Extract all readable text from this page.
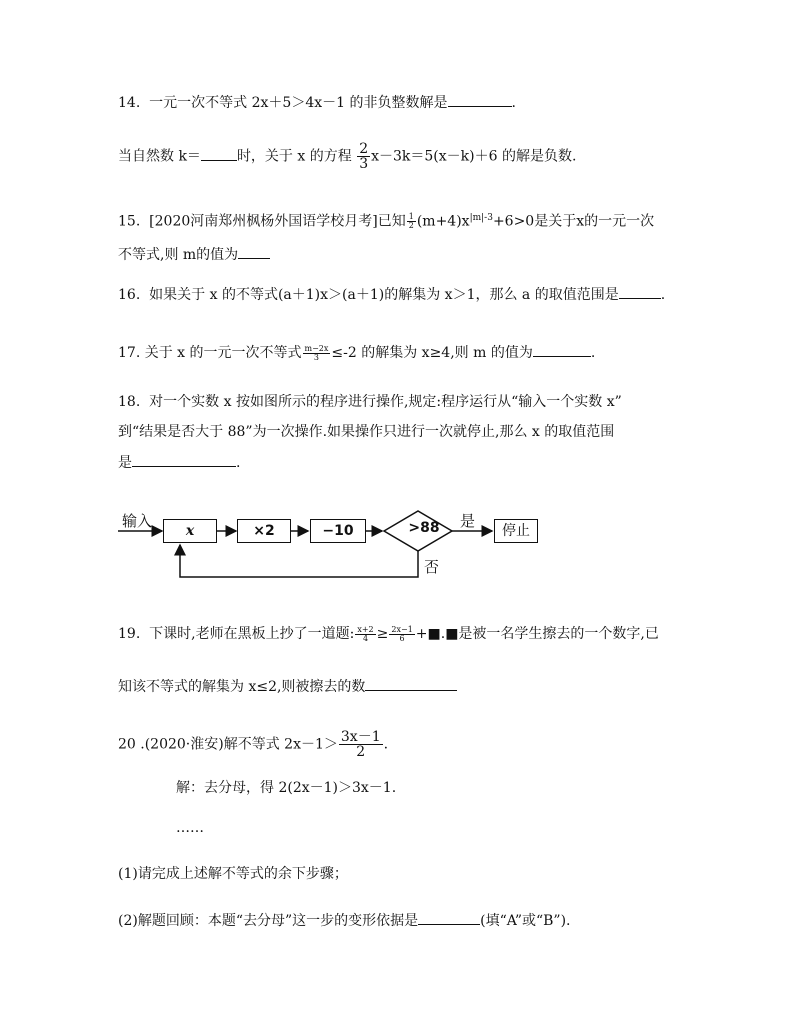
14. 一元一次不等式 2x＋5＞4x－1 的非负整数解是	.
当自然数 k＝	时，关于 x 的方程 $\frac{2}{3} x-3k=5(x-k)+6$ 的解是负数.
15. [2020河南郑州枫杨外国语学校月考]已知 $\frac{1}{2} (m+4)x^{|m|-3}+6>0$是关于x的一元一次
不等式,则 m的值为
16. 如果关于 x 的不等式(a＋1)x＞(a＋1)的解集为 x＞1，那么 a 的取值范围是	.
17. 关于 x 的一元一次不等式 $\frac{m-2x}{3} \le-2$ 的解集为 x≥4,则 m 的值为	.
18. 对一个实数 x 按如图所示的程序进行操作,规定:程序运行从“输入一个实数 x”
到“结果是否大于 88”为一次操作.如果操作只进行一次就停止,那么 x 的取值范围
是	.
输入
x	×2	−10	>88 是
停止
否
19. 下课时,老师在黑板上抄了一道题: $\frac{x+2}{4} \ge \frac{2x-1}{6}$ +■.■是被一名学生擦去的一个数字,已
知该不等式的解集为 x≤2,则被擦去的数
20 .(2020·淮安)解不等式 $2x-1> \frac{3x-1}{2}$ .
解：去分母，得 2(2x－1)＞3x－1.
……
(1)请完成上述解不等式的余下步骤；
(2)解题回顾：本题“去分母”这一步的变形依据是	(填“A”或“B”).
